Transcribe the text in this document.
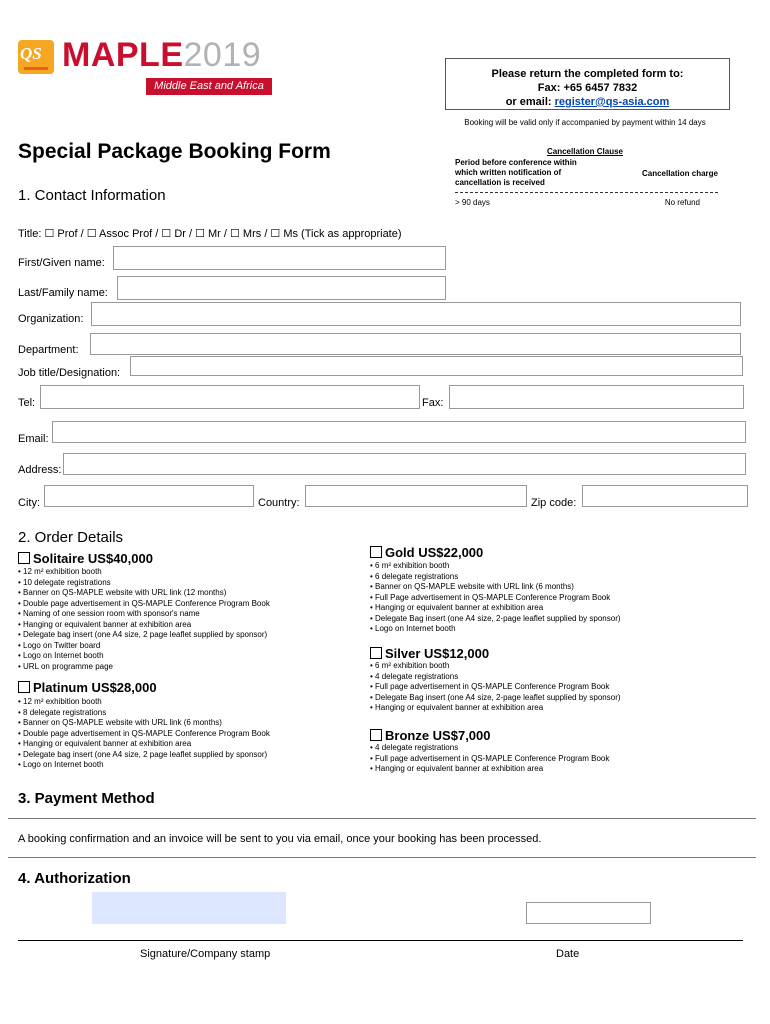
QS MAPLE2019
Middle East and Africa
Please return the completed form to:
Fax: +65 6457 7832
or email: register@qs-asia.com
Booking will be valid only if accompanied by payment within 14 days
Cancellation Clause
Period before conference within which written notification of cancellation is received
Cancellation charge
> 90 days	No refund
Special Package Booking Form
1. Contact Information
Title: ☐ Prof / ☐ Assoc Prof / ☐ Dr / ☐ Mr / ☐ Mrs / ☐ Ms (Tick as appropriate)
First/Given name:
Last/Family name:
Organization:
Department:
Job title/Designation:
Tel:	Fax:
Email:
Address:
City:	Country:	Zip code:
2. Order Details
Solitaire US$40,000
• 12 m² exhibition booth
• 10 delegate registrations
• Banner on QS-MAPLE website with URL link (12 months)
• Double page advertisement in QS-MAPLE Conference Program Book
• Naming of one session room with sponsor's name
• Hanging or equivalent banner at exhibition area
• Delegate bag insert (one A4 size, 2 page leaflet supplied by sponsor)
• Logo on Twitter board
• Logo on Internet booth
• URL on programme page
Platinum US$28,000
• 12 m² exhibition booth
• 8 delegate registrations
• Banner on QS-MAPLE website with URL link (6 months)
• Double page advertisement in QS-MAPLE Conference Program Book
• Hanging or equivalent banner at exhibition area
• Delegate bag insert (one A4 size, 2 page leaflet supplied by sponsor)
• Logo on Internet booth
Gold US$22,000
• 6 m² exhibition booth
• 6 delegate registrations
• Banner on QS-MAPLE website with URL link (6 months)
• Full Page advertisement in QS-MAPLE Conference Program Book
• Hanging or equivalent banner at exhibition area
• Delegate Bag insert (one A4 size, 2-page leaflet supplied by sponsor)
• Logo on Internet booth
Silver US$12,000
• 6 m² exhibition booth
• 4 delegate registrations
• Full page advertisement in QS-MAPLE Conference Program Book
• Delegate Bag insert (one A4 size, 2-page leaflet supplied by sponsor)
• Hanging or equivalent banner at exhibition area
Bronze US$7,000
• 4 delegate registrations
• Full page advertisement in QS-MAPLE Conference Program Book
• Hanging or equivalent banner at exhibition area
3. Payment Method
A booking confirmation and an invoice will be sent to you via email, once your booking has been processed.
4. Authorization
Signature/Company stamp	Date
